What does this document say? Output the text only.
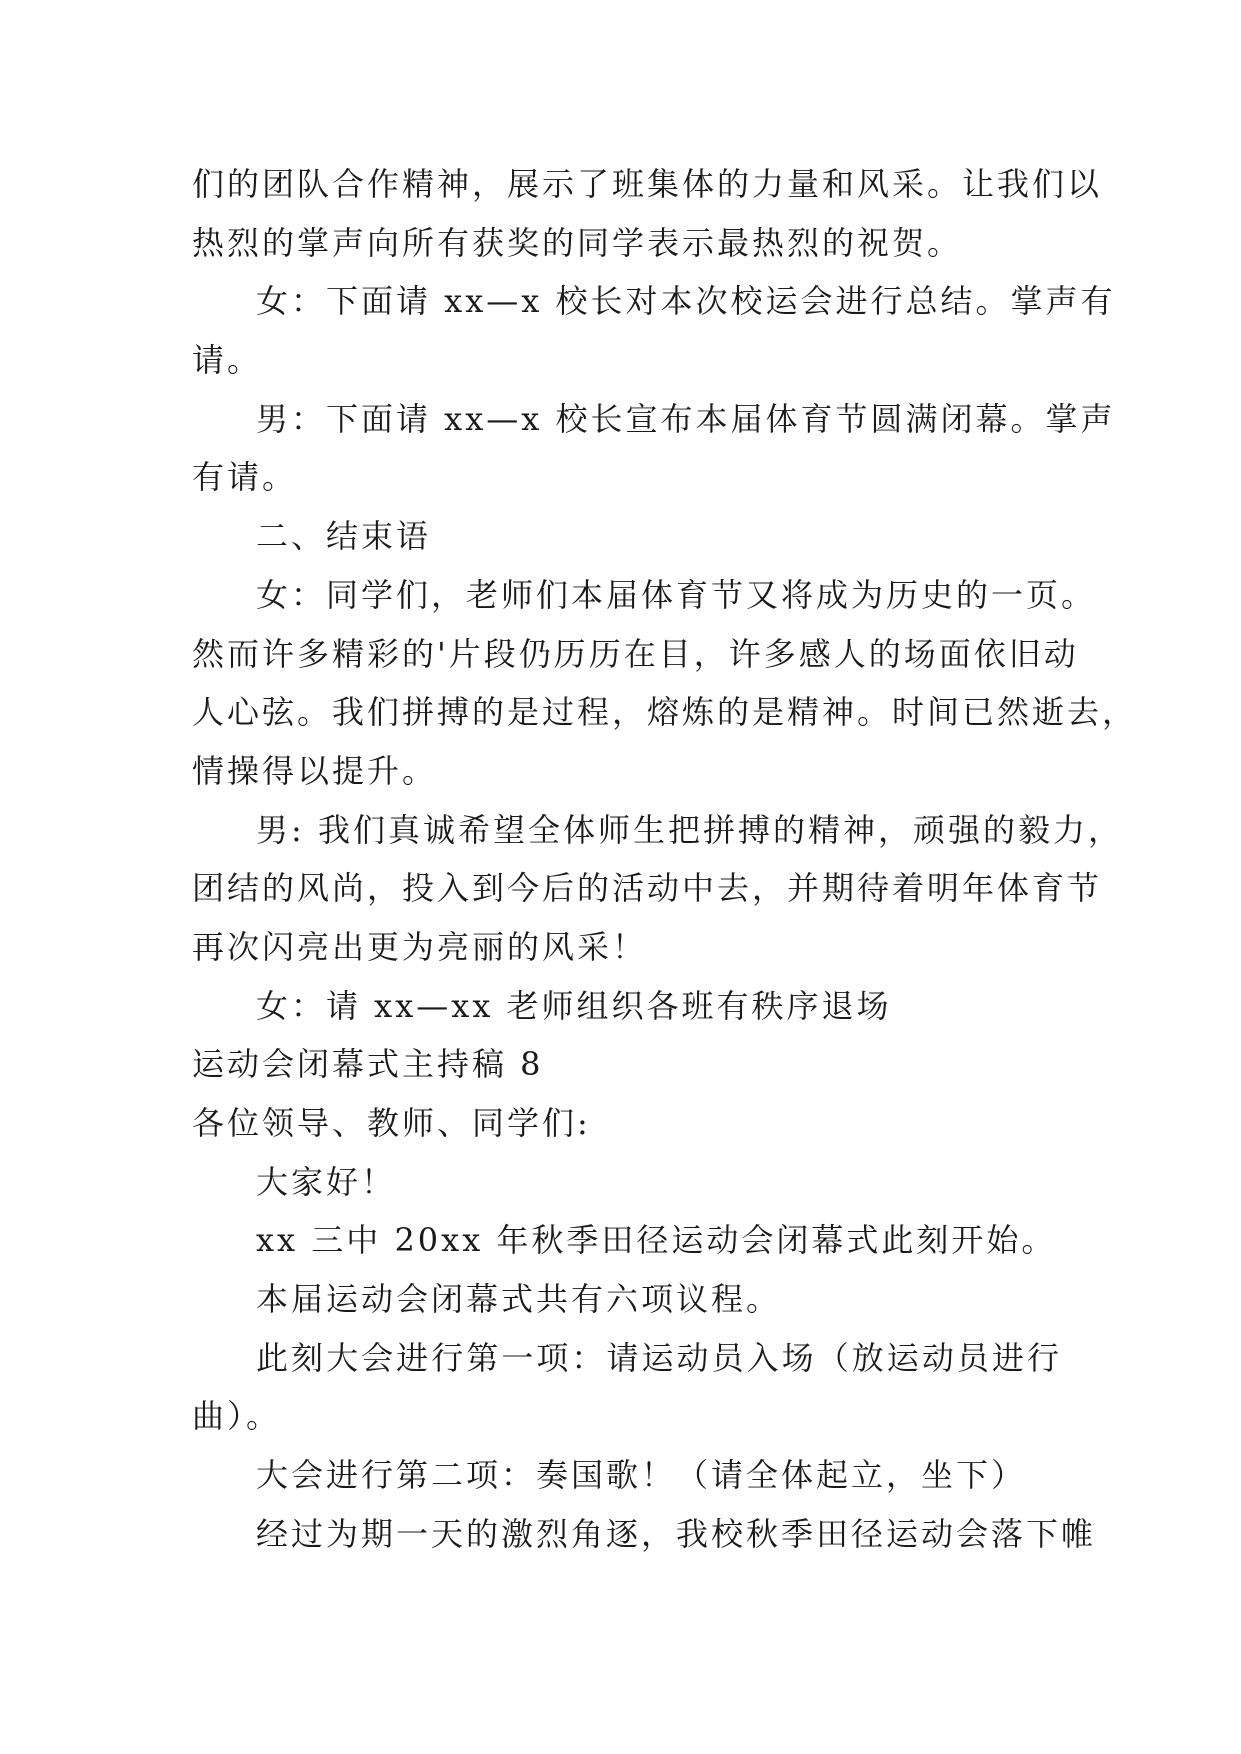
们的团队合作精神，展示了班集体的力量和风采。让我们以
热烈的掌声向所有获奖的同学表示最热烈的祝贺。
女：下面请 xx—x 校长对本次校运会进行总结。掌声有
请。
男：下面请 xx—x 校长宣布本届体育节圆满闭幕。掌声
有请。
二、结束语
女：同学们，老师们本届体育节又将成为历史的一页。
然而许多精彩的'片段仍历历在目，许多感人的场面依旧动
人心弦。我们拼搏的是过程，熔炼的是精神。时间已然逝去，
情操得以提升。
男: 我们真诚希望全体师生把拼搏的精神，顽强的毅力，
团结的风尚，投入到今后的活动中去，并期待着明年体育节
再次闪亮出更为亮丽的风采！
女：请 xx—xx 老师组织各班有秩序退场
运动会闭幕式主持稿 8
各位领导、教师、同学们:
大家好！
xx 三中 20xx 年秋季田径运动会闭幕式此刻开始。
本届运动会闭幕式共有六项议程。
此刻大会进行第一项：请运动员入场（放运动员进行
曲）。
大会进行第二项：奏国歌！（请全体起立，坐下）
经过为期一天的激烈角逐，我校秋季田径运动会落下帷
